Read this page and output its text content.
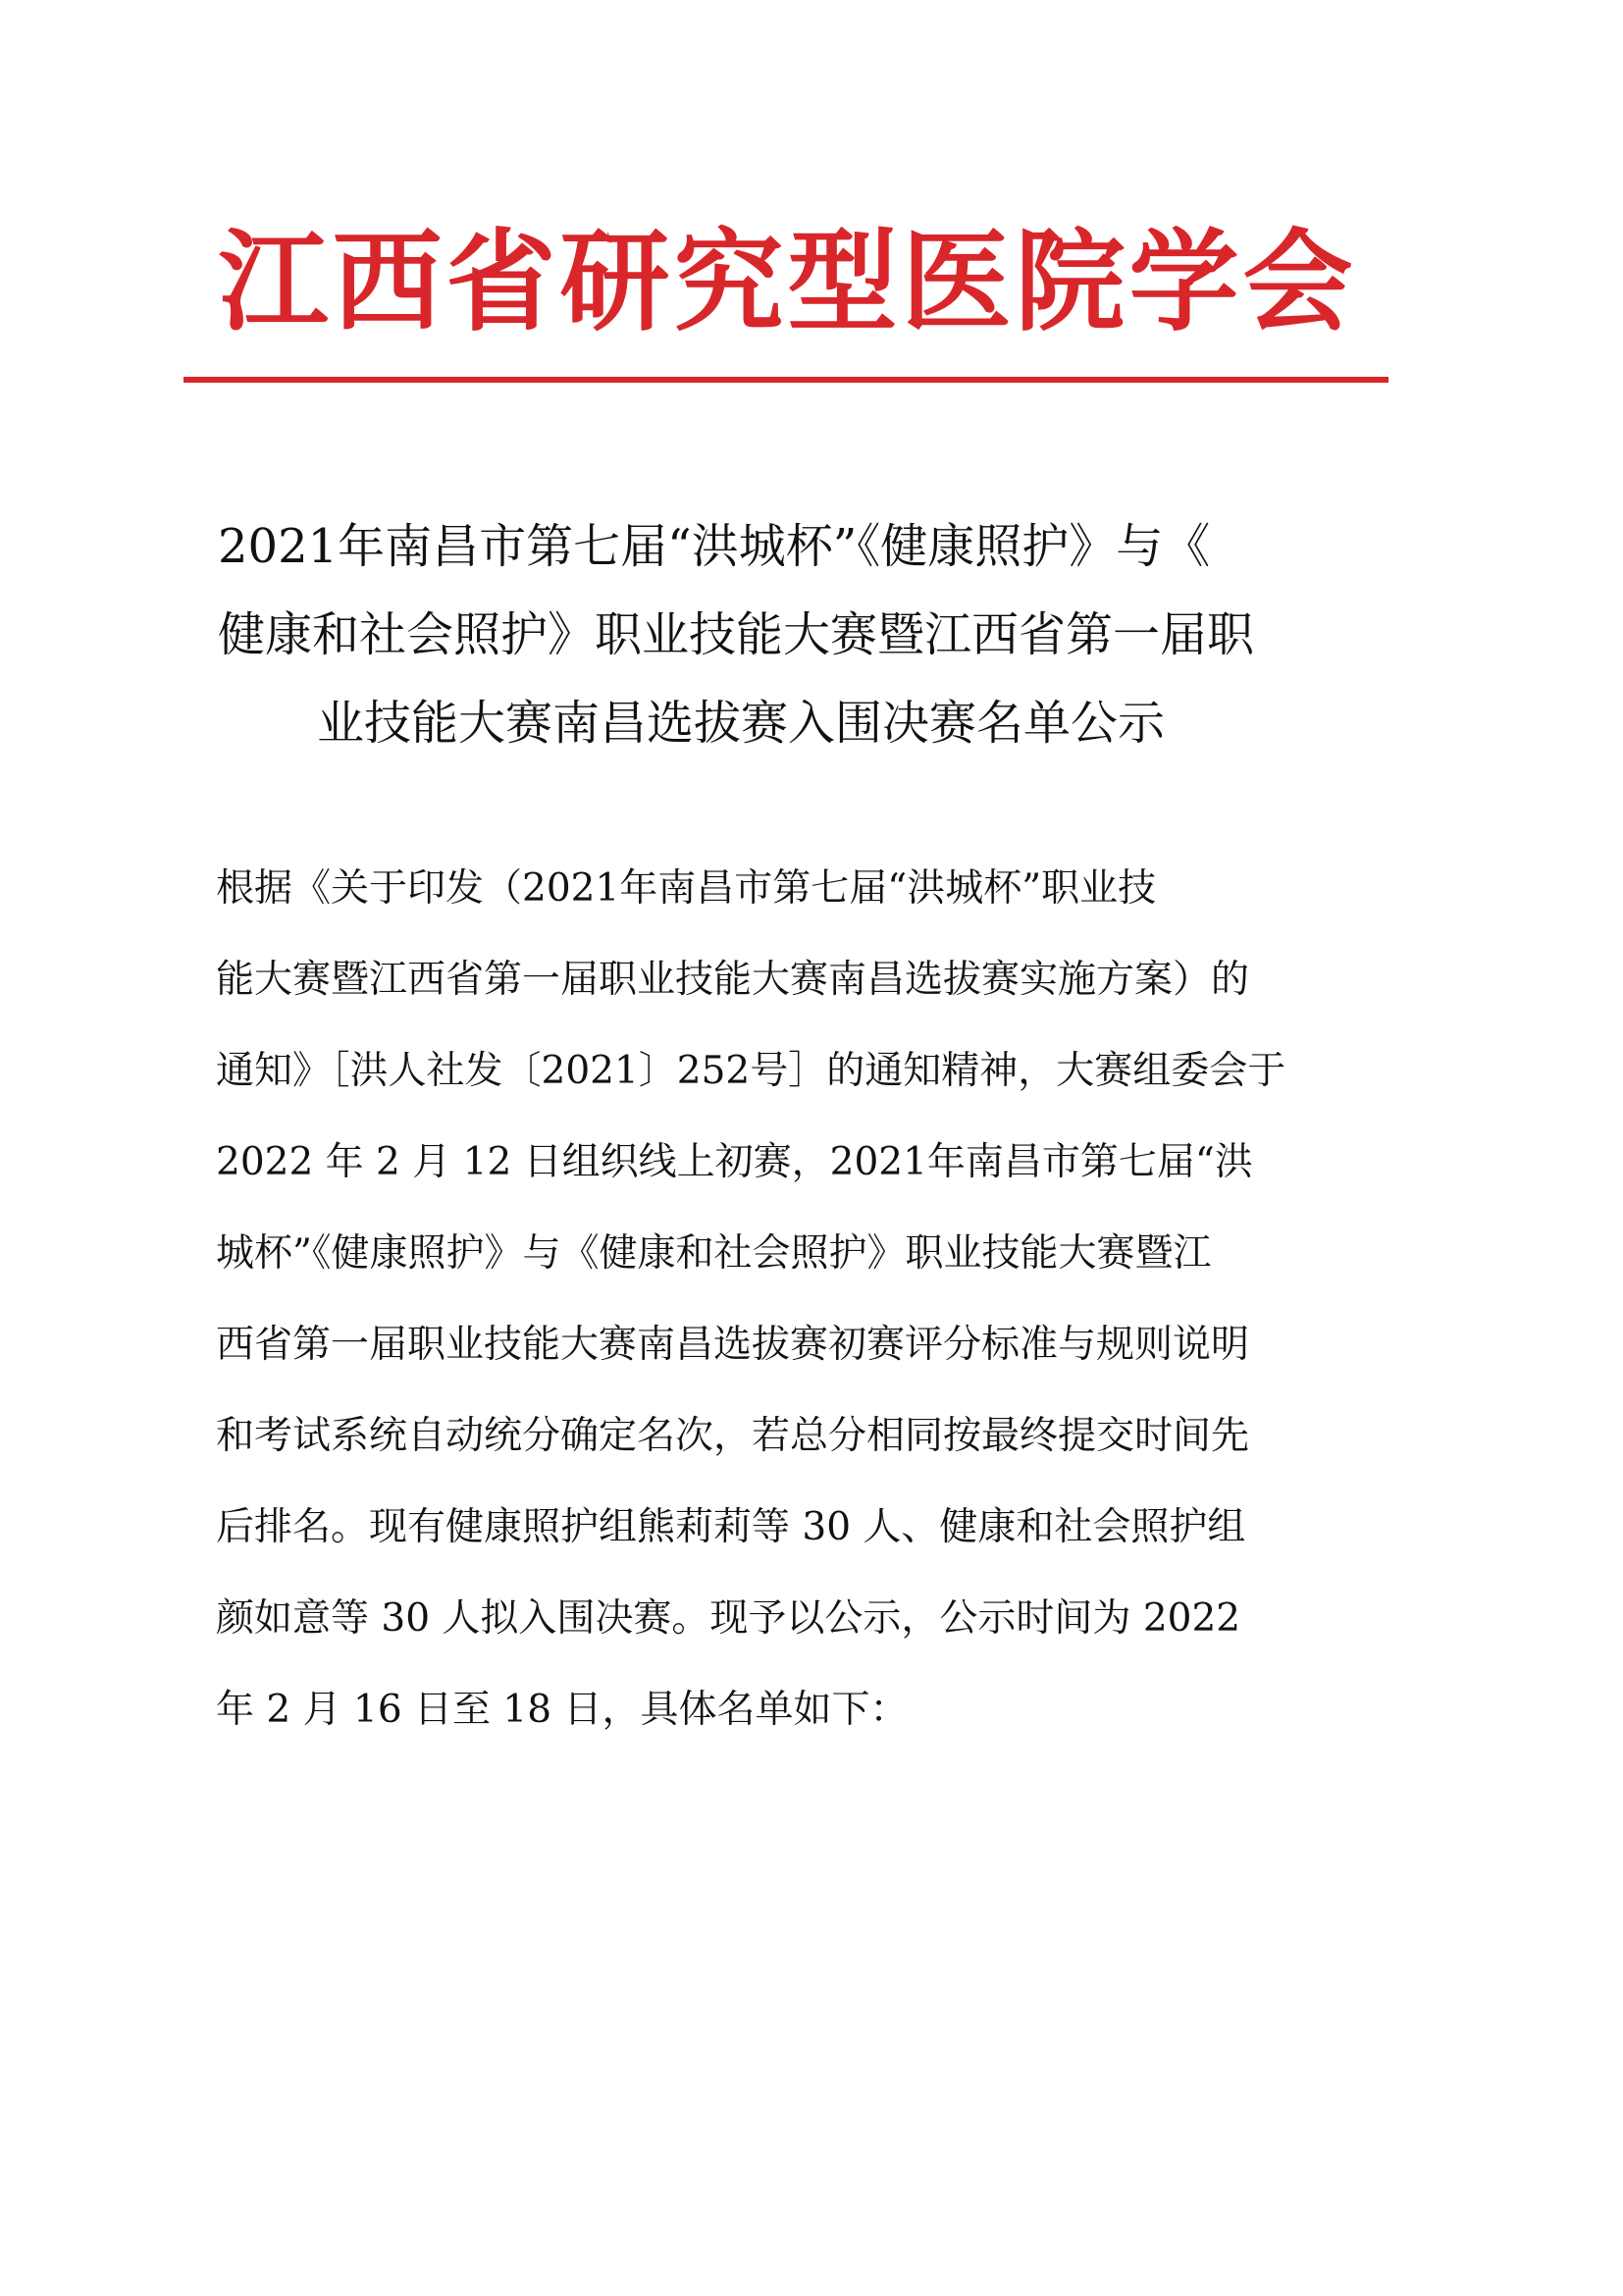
江西省研究型医院学会
2021年南昌市第七届“洪城杯”《健康照护》与《
健康和社会照护》职业技能大赛暨江西省第一届职
业技能大赛南昌选拔赛入围决赛名单公示
根据《关于印发（2021年南昌市第七届“洪城杯”职业技
能大赛暨江西省第一届职业技能大赛南昌选拔赛实施方案）的
通知》［洪人社发〔2021〕252号］的通知精神，大赛组委会于
2022 年 2 月 12 日组织线上初赛，2021年南昌市第七届“洪
城杯”《健康照护》与《健康和社会照护》职业技能大赛暨江
西省第一届职业技能大赛南昌选拔赛初赛评分标准与规则说明
和考试系统自动统分确定名次，若总分相同按最终提交时间先
后排名。现有健康照护组熊莉莉等 30 人、健康和社会照护组
颜如意等 30 人拟入围决赛。现予以公示，公示时间为 2022
年 2 月 16 日至 18 日，具体名单如下：
